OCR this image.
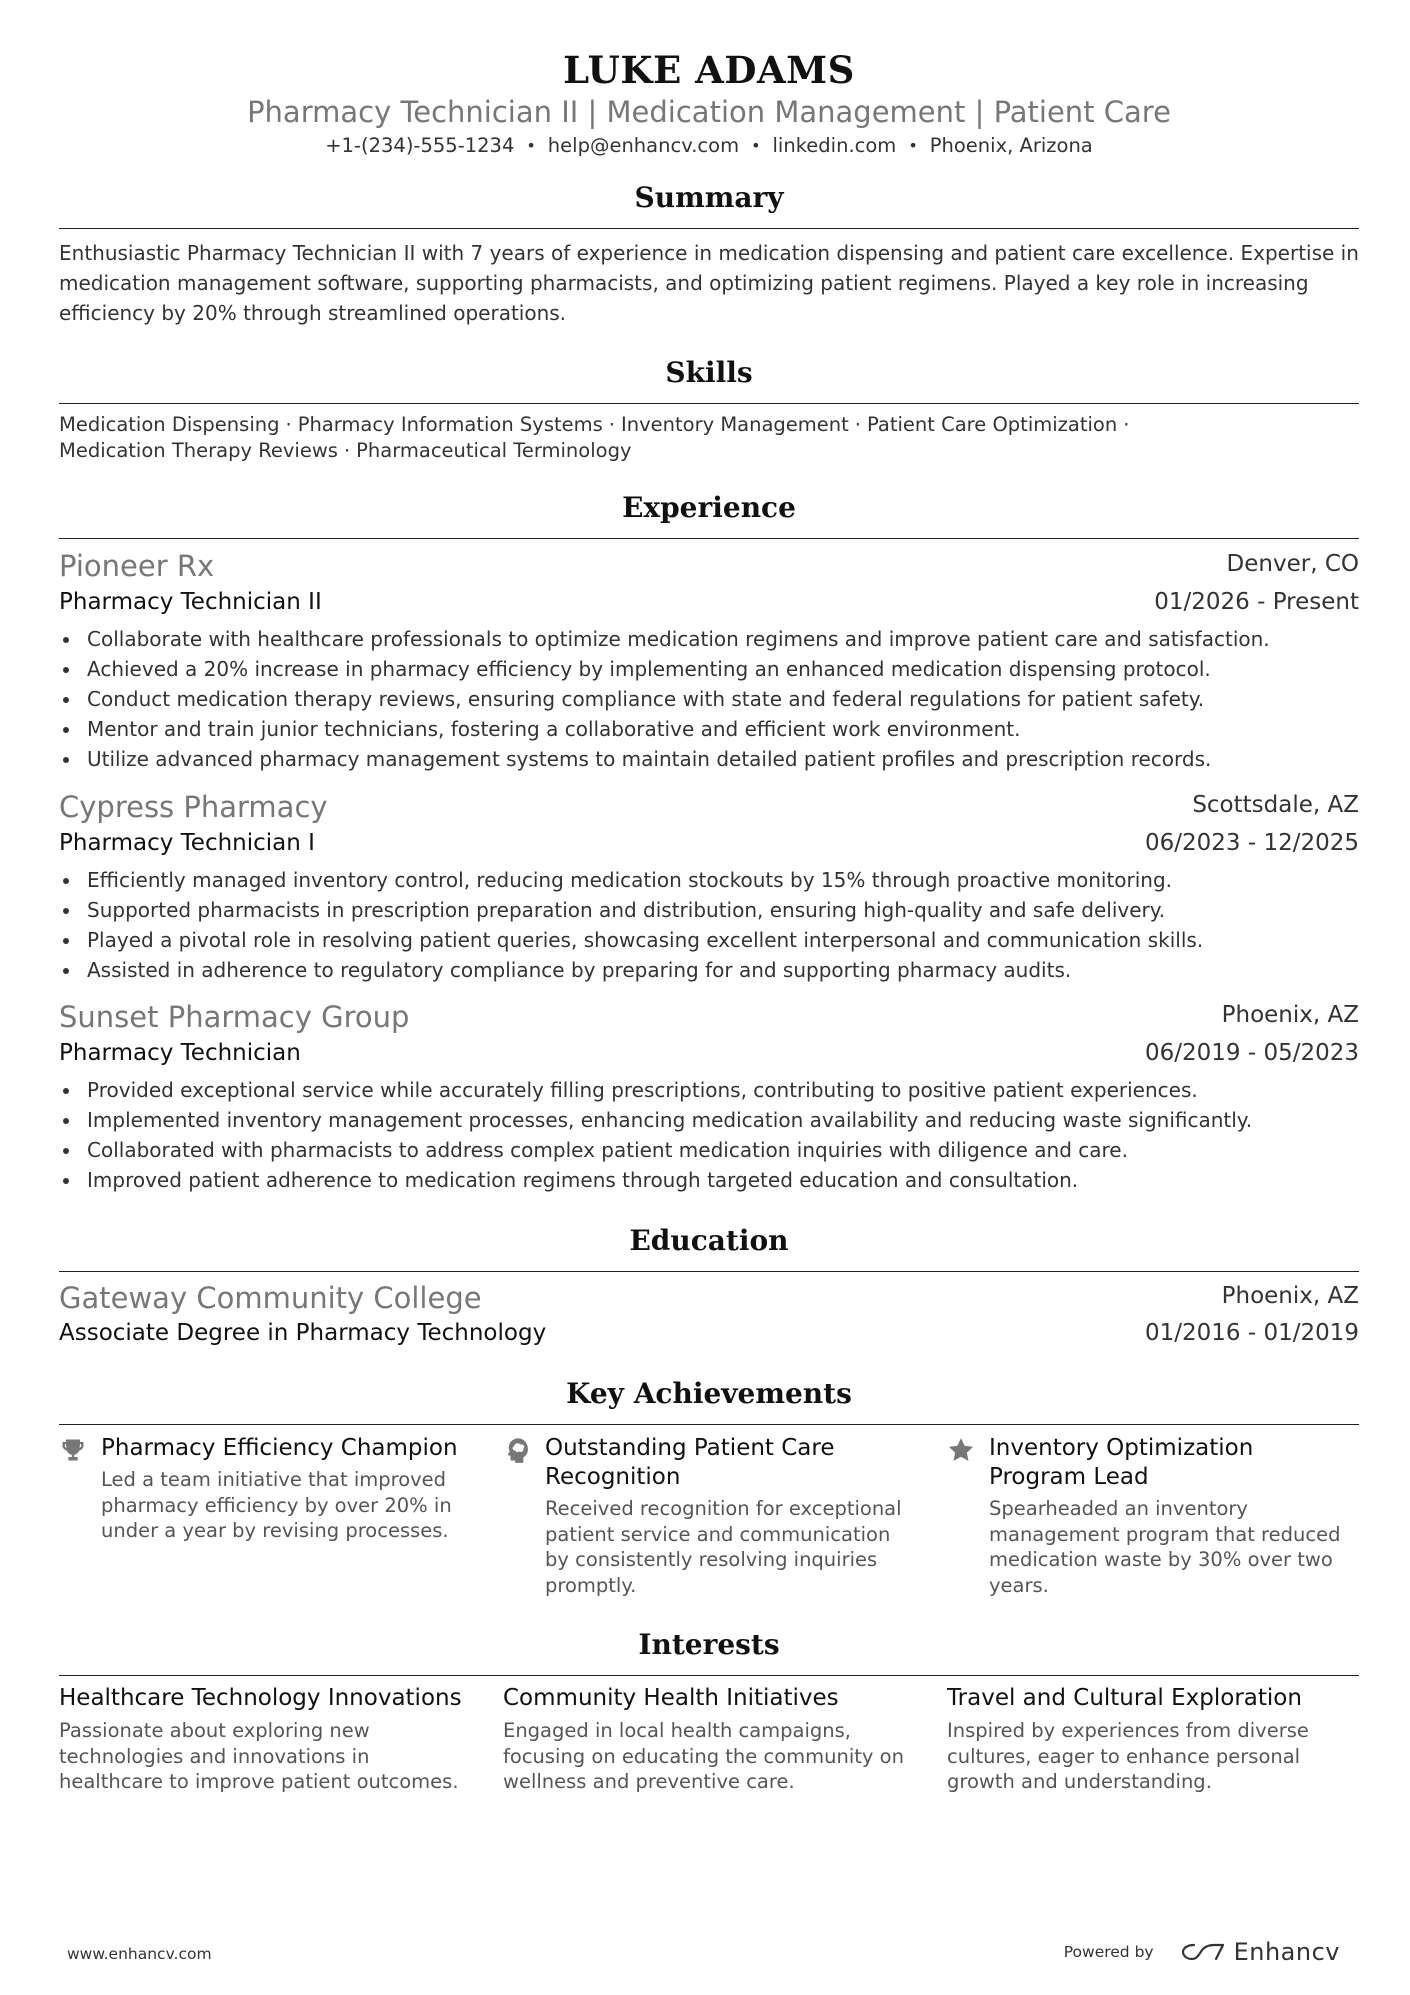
LUKE ADAMS
Pharmacy Technician II | Medication Management | Patient Care
+1-(234)-555-1234 • help@enhancv.com • linkedin.com • Phoenix, Arizona
Summary
Enthusiastic Pharmacy Technician II with 7 years of experience in medication dispensing and patient care excellence. Expertise in medication management software, supporting pharmacists, and optimizing patient regimens. Played a key role in increasing efficiency by 20% through streamlined operations.
Skills
Medication Dispensing · Pharmacy Information Systems · Inventory Management · Patient Care Optimization ·
Medication Therapy Reviews · Pharmaceutical Terminology
Experience
Pioneer Rx	Denver, CO
Pharmacy Technician II	01/2026 - Present
Collaborate with healthcare professionals to optimize medication regimens and improve patient care and satisfaction.
Achieved a 20% increase in pharmacy efficiency by implementing an enhanced medication dispensing protocol.
Conduct medication therapy reviews, ensuring compliance with state and federal regulations for patient safety.
Mentor and train junior technicians, fostering a collaborative and efficient work environment.
Utilize advanced pharmacy management systems to maintain detailed patient profiles and prescription records.
Cypress Pharmacy	Scottsdale, AZ
Pharmacy Technician I	06/2023 - 12/2025
Efficiently managed inventory control, reducing medication stockouts by 15% through proactive monitoring.
Supported pharmacists in prescription preparation and distribution, ensuring high-quality and safe delivery.
Played a pivotal role in resolving patient queries, showcasing excellent interpersonal and communication skills.
Assisted in adherence to regulatory compliance by preparing for and supporting pharmacy audits.
Sunset Pharmacy Group	Phoenix, AZ
Pharmacy Technician	06/2019 - 05/2023
Provided exceptional service while accurately filling prescriptions, contributing to positive patient experiences.
Implemented inventory management processes, enhancing medication availability and reducing waste significantly.
Collaborated with pharmacists to address complex patient medication inquiries with diligence and care.
Improved patient adherence to medication regimens through targeted education and consultation.
Education
Gateway Community College	Phoenix, AZ
Associate Degree in Pharmacy Technology	01/2016 - 01/2019
Key Achievements
Pharmacy Efficiency Champion
Led a team initiative that improved pharmacy efficiency by over 20% in under a year by revising processes.
Outstanding Patient Care Recognition
Received recognition for exceptional patient service and communication by consistently resolving inquiries promptly.
Inventory Optimization Program Lead
Spearheaded an inventory management program that reduced medication waste by 30% over two years.
Interests
Healthcare Technology Innovations
Passionate about exploring new technologies and innovations in healthcare to improve patient outcomes.
Community Health Initiatives
Engaged in local health campaigns, focusing on educating the community on wellness and preventive care.
Travel and Cultural Exploration
Inspired by experiences from diverse cultures, eager to enhance personal growth and understanding.
www.enhancv.com	Powered by	Enhancv
